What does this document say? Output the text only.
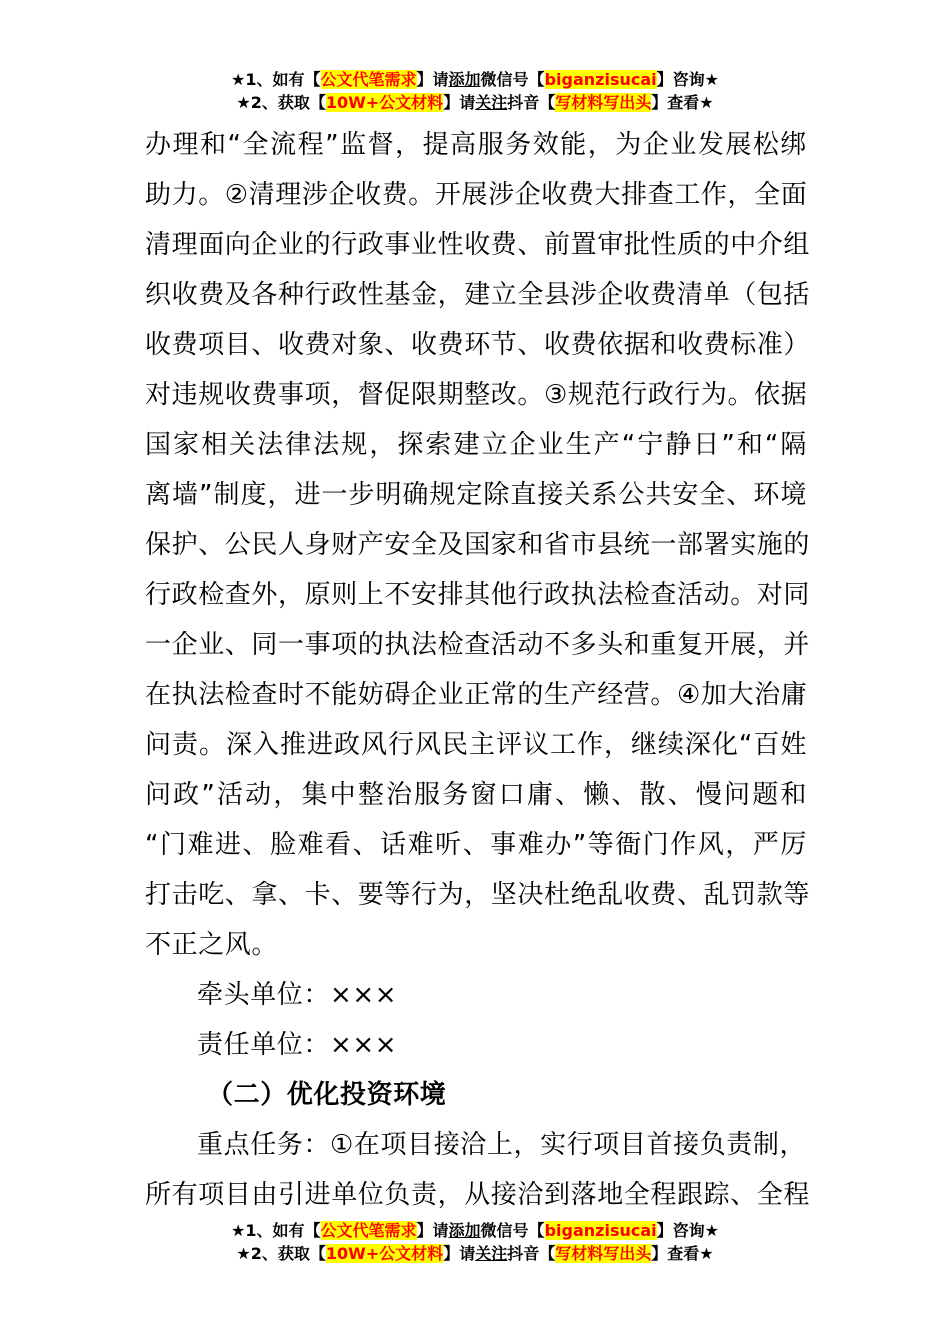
★1、如有【公文代笔需求】请添加微信号【biganzisucai】咨询★
★2、获取【10W+公文材料】请关注抖音【写材料写出头】查看★
办理和“全流程”监督，提高服务效能，为企业发展松绑
助力。②清理涉企收费。开展涉企收费大排查工作，全面
清理面向企业的行政事业性收费、前置审批性质的中介组
织收费及各种行政性基金，建立全县涉企收费清单（包括
收费项目、收费对象、收费环节、收费依据和收费标准）
对违规收费事项，督促限期整改。③规范行政行为。依据
国家相关法律法规，探索建立企业生产“宁静日”和“隔
离墙”制度，进一步明确规定除直接关系公共安全、环境
保护、公民人身财产安全及国家和省市县统一部署实施的
行政检查外，原则上不安排其他行政执法检查活动。对同
一企业、同一事项的执法检查活动不多头和重复开展，并
在执法检查时不能妨碍企业正常的生产经营。④加大治庸
问责。深入推进政风行风民主评议工作，继续深化“百姓
问政”活动，集中整治服务窗口庸、懒、散、慢问题和
“门难进、脸难看、话难听、事难办”等衙门作风，严厉
打击吃、拿、卡、要等行为，坚决杜绝乱收费、乱罚款等
不正之风。
牵头单位：×××
责任单位：×××
（二）优化投资环境
重点任务：①在项目接洽上，实行项目首接负责制，
所有项目由引进单位负责，从接洽到落地全程跟踪、全程
★1、如有【公文代笔需求】请添加微信号【biganzisucai】咨询★
★2、获取【10W+公文材料】请关注抖音【写材料写出头】查看★
